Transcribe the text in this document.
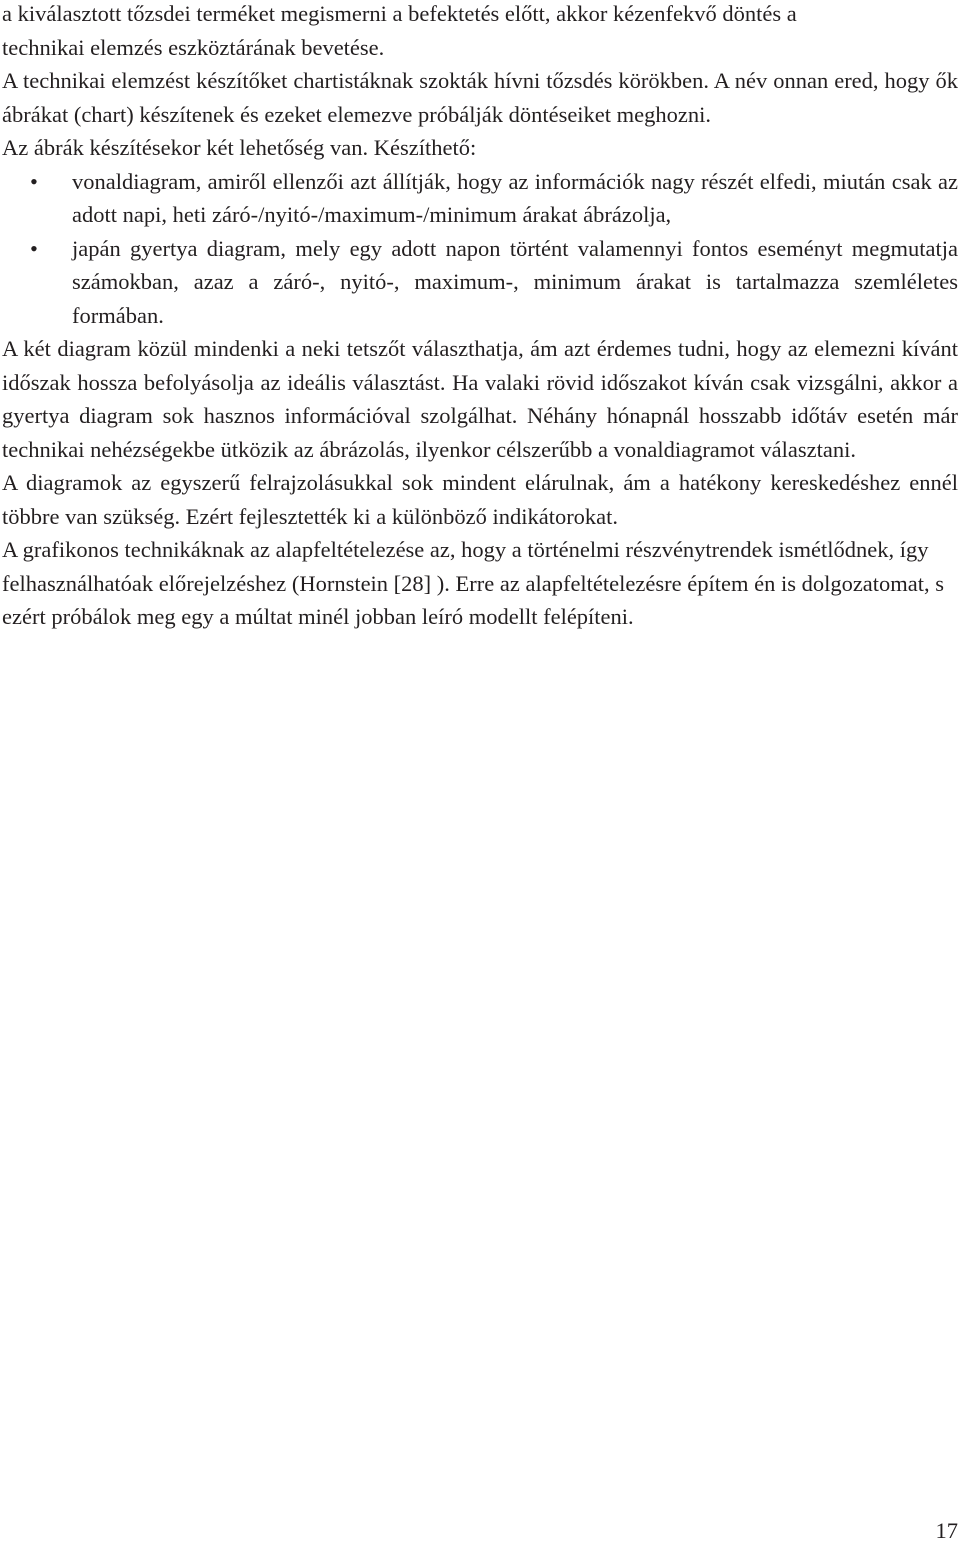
a kiválasztott tőzsdei terméket megismerni a befektetés előtt, akkor kézenfekvő döntés a
technikai elemzés eszköztárának bevetése.

A technikai elemzést készítőket chartistáknak szokták hívni tőzsdés körökben. A név onnan ered, hogy ők ábrákat (chart) készítenek és ezeket elemezve próbálják döntéseiket meghozni.
Az ábrák készítésekor két lehetőség van. Készíthető:

• vonaldiagram, amiről ellenzői azt állítják, hogy az információk nagy részét elfedi, miután csak az adott napi, heti záró-/nyitó-/maximum-/minimum árakat ábrázolja,
• japán gyertya diagram, mely egy adott napon történt valamennyi fontos eseményt megmutatja számokban, azaz a záró-, nyitó-, maximum-, minimum árakat is tartalmazza szemléletes formában.

A két diagram közül mindenki a neki tetszőt választhatja, ám azt érdemes tudni, hogy az elemezni kívánt időszak hossza befolyásolja az ideális választást. Ha valaki rövid időszakot kíván csak vizsgálni, akkor a gyertya diagram sok hasznos információval szolgálhat. Néhány hónapnál hosszabb időtáv esetén már technikai nehézségekbe ütközik az ábrázolás, ilyenkor célszerűbb a vonaldiagramot választani.

A diagramok az egyszerű felrajzolásukkal sok mindent elárulnak, ám a hatékony kereskedéshez ennél többre van szükség. Ezért fejlesztették ki a különböző indikátorokat.

A grafikonos technikáknak az alapfeltételezése az, hogy a történelmi részvénytrendek ismétlődnek, így felhasználhatóak előrejelzéshez (Hornstein [28] ). Erre az alapfeltételezésre építem én is dolgozatomat, s ezért próbálok meg egy a múltat minél jobban leíró modellt felépíteni.

17
